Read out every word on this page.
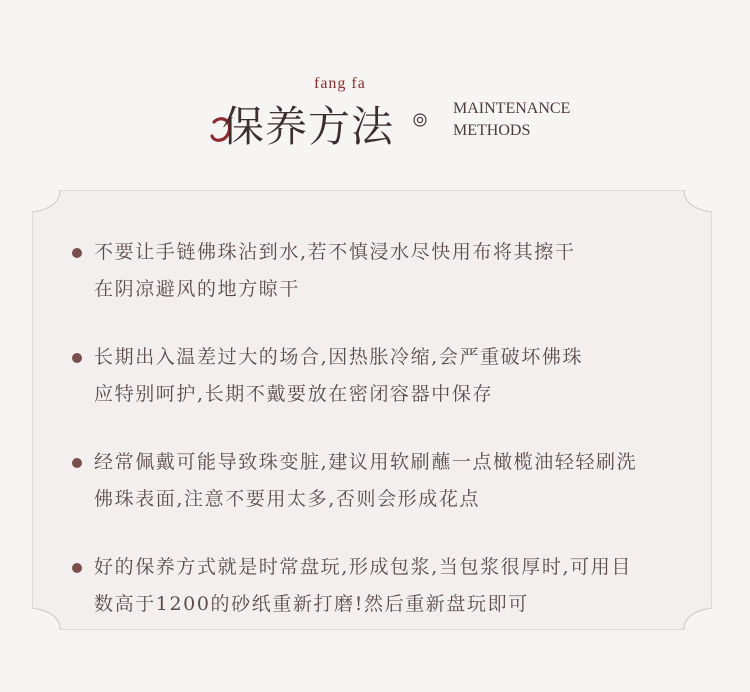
fang fa
保养方法	MAINTENANCE
METHODS
不要让手链佛珠沾到水,若不慎浸水尽快用布将其擦干
在阴凉避风的地方晾干
长期出入温差过大的场合,因热胀冷缩,会严重破坏佛珠
应特别呵护,长期不戴要放在密闭容器中保存
经常佩戴可能导致珠变脏,建议用软刷蘸一点橄榄油轻轻刷洗
佛珠表面,注意不要用太多,否则会形成花点
好的保养方式就是时常盘玩,形成包浆,当包浆很厚时,可用目
数高于1200的砂纸重新打磨!然后重新盘玩即可
